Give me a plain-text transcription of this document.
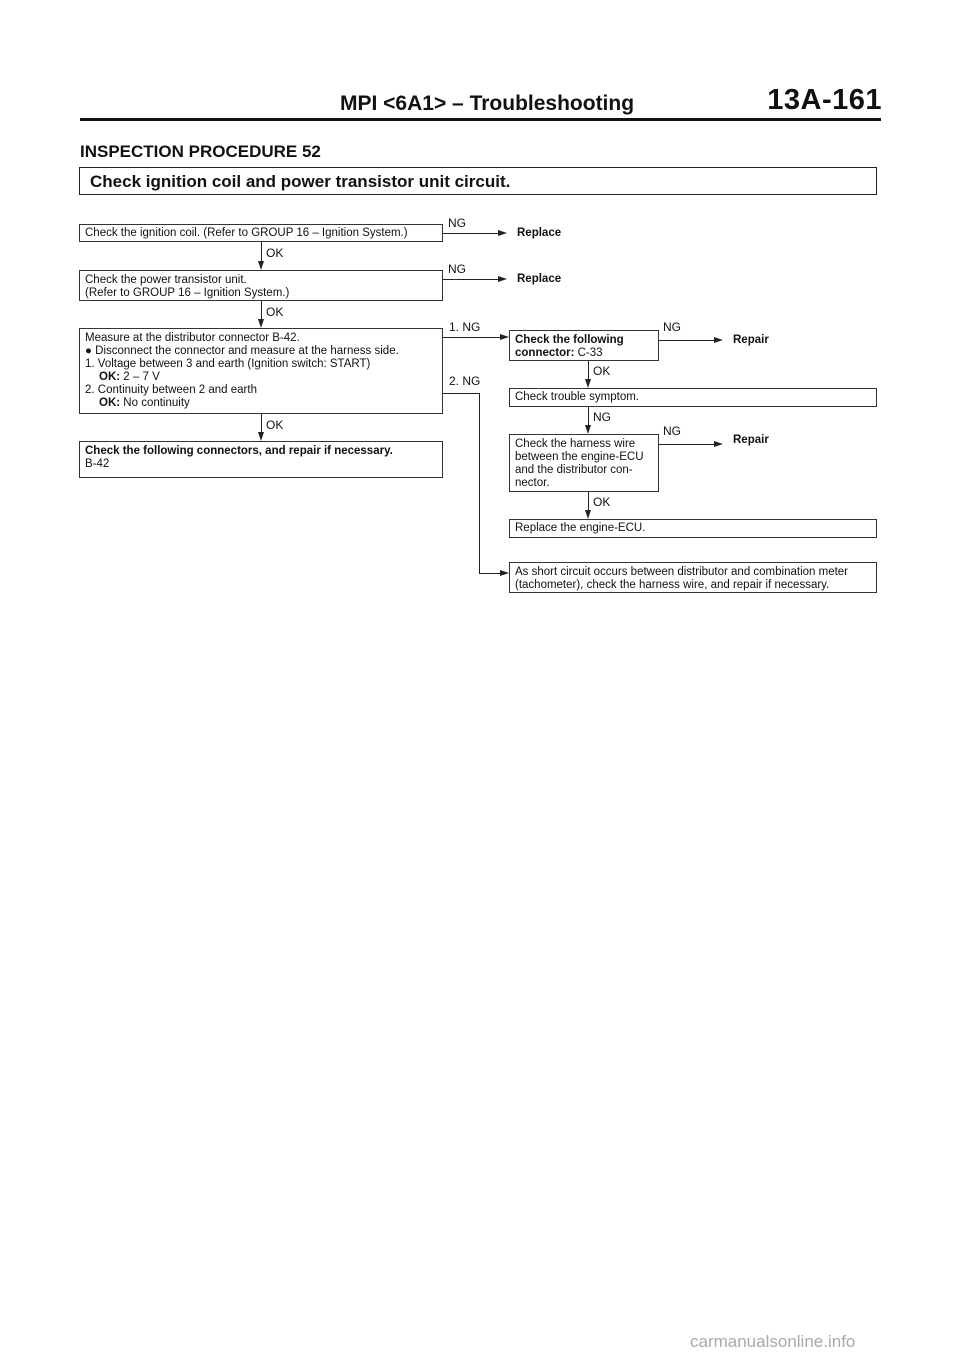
MPI <6A1> – Troubleshooting	13A-161
INSPECTION PROCEDURE 52
Check ignition coil and power transistor unit circuit.
Check the ignition coil. (Refer to GROUP 16 – Ignition System.)
NG
Replace
OK
Check the power transistor unit.
(Refer to GROUP 16 – Ignition System.)
NG
Replace
OK
Measure at the distributor connector B-42.
● Disconnect the connector and measure at the harness side.
1. Voltage between 3 and earth (Ignition switch: START)
OK: 2 – 7 V
2. Continuity between 2 and earth
OK: No continuity
1. NG
2. NG
OK
Check the following connectors, and repair if necessary.
B-42
Check the following
connector: C-33
NG
Repair
OK
Check trouble symptom.
NG
Check the harness wire
between the engine-ECU
and the distributor con-
nector.
NG
Repair
OK
Replace the engine-ECU.
As short circuit occurs between distributor and combination meter
(tachometer), check the harness wire, and repair if necessary.
carmanualsonline.info
